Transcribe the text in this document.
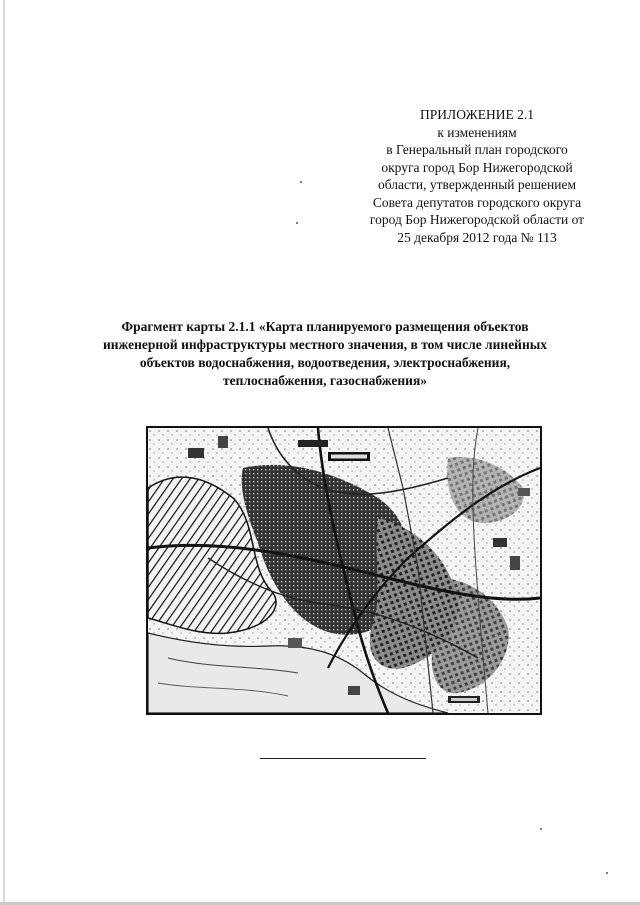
ПРИЛОЖЕНИЕ 2.1
к изменениям
в Генеральный план городского
округа город Бор Нижегородской
области, утвержденный решением
Совета депутатов городского округа
город Бор Нижегородской области от
25 декабря 2012 года № 113
Фрагмент карты 2.1.1 «Карта планируемого размещения объектов
инженерной инфраструктуры местного значения, в том числе линейных
объектов водоснабжения, водоотведения, электроснабжения,
теплоснабжения, газоснабжения»
